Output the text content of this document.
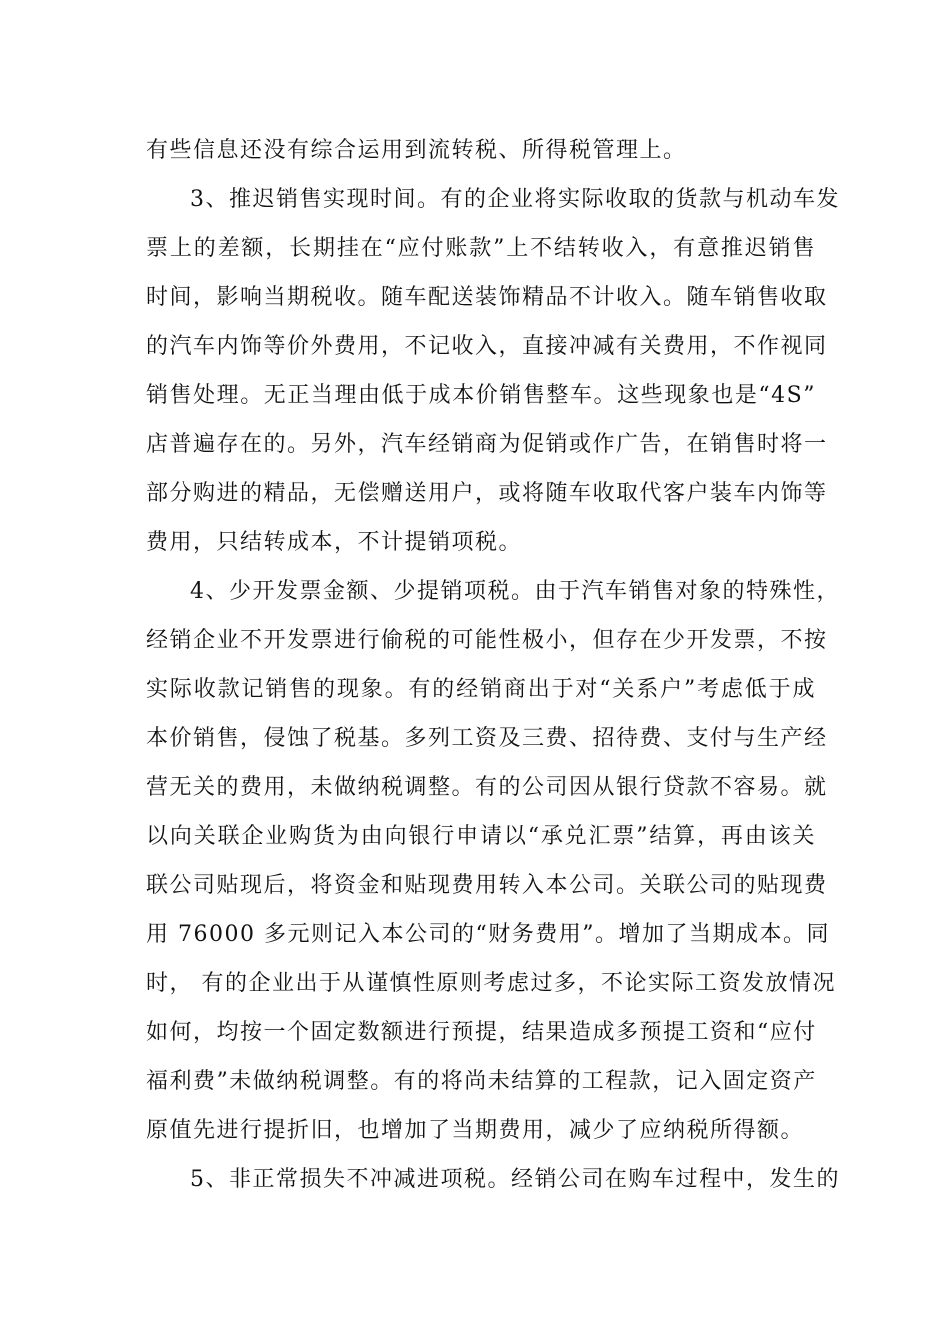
有些信息还没有综合运用到流转税、所得税管理上。
3、推迟销售实现时间。有的企业将实际收取的货款与机动车发
票上的差额，长期挂在“应付账款”上不结转收入，有意推迟销售
时间，影响当期税收。随车配送装饰精品不计收入。随车销售收取
的汽车内饰等价外费用，不记收入，直接冲减有关费用，不作视同
销售处理。无正当理由低于成本价销售整车。这些现象也是“4S”
店普遍存在的。另外，汽车经销商为促销或作广告，在销售时将一
部分购进的精品，无偿赠送用户，或将随车收取代客户装车内饰等
费用，只结转成本，不计提销项税。
4、少开发票金额、少提销项税。由于汽车销售对象的特殊性，
经销企业不开发票进行偷税的可能性极小，但存在少开发票，不按
实际收款记销售的现象。有的经销商出于对“关系户”考虑低于成
本价销售，侵蚀了税基。多列工资及三费、招待费、支付与生产经
营无关的费用，未做纳税调整。有的公司因从银行贷款不容易。就
以向关联企业购货为由向银行申请以“承兑汇票”结算，再由该关
联公司贴现后，将资金和贴现费用转入本公司。关联公司的贴现费
用 76000 多元则记入本公司的“财务费用”。增加了当期成本。同
时， 有的企业出于从谨慎性原则考虑过多，不论实际工资发放情况
如何，均按一个固定数额进行预提，结果造成多预提工资和“应付
福利费”未做纳税调整。有的将尚未结算的工程款，记入固定资产
原值先进行提折旧，也增加了当期费用，减少了应纳税所得额。
5、非正常损失不冲减进项税。经销公司在购车过程中，发生的
